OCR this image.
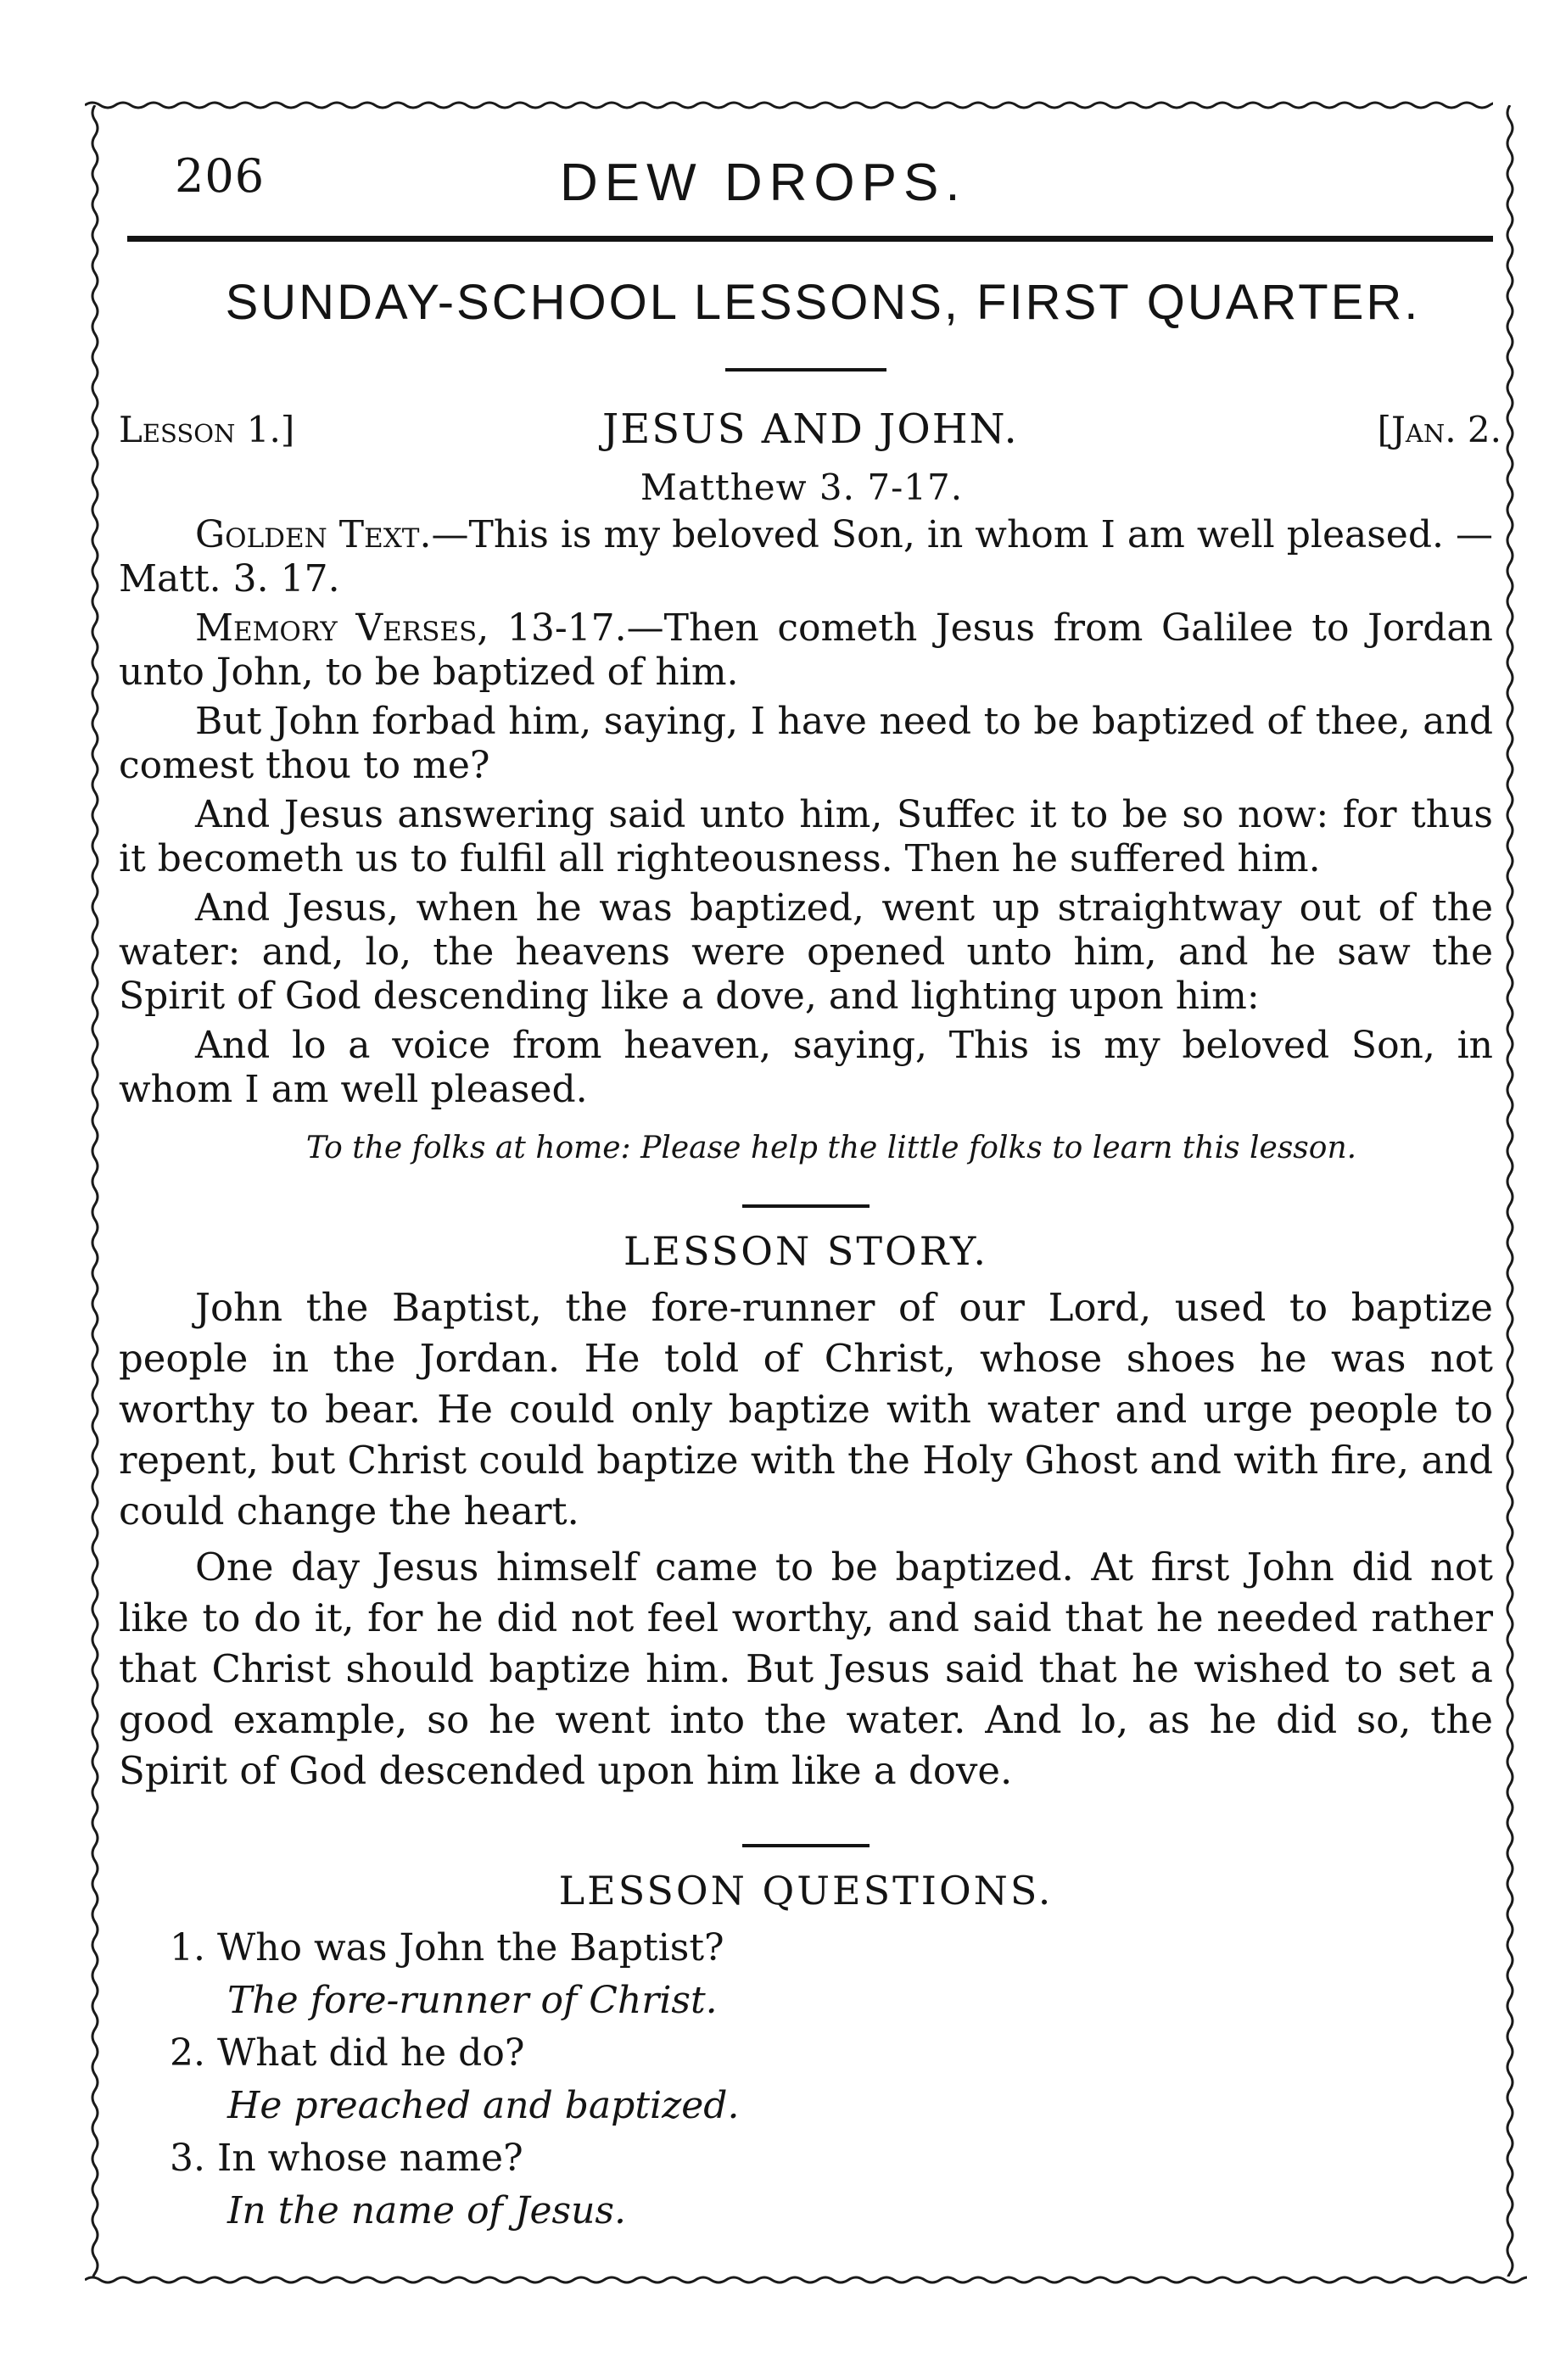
206	DEW DROPS.
SUNDAY-SCHOOL LESSONS, FIRST QUARTER.
Lesson 1.]	JESUS AND JOHN.	[Jan. 2.
Matthew 3. 7-17.
Golden Text.—This is my beloved Son, in whom I am well pleased. —Matt. 3. 17.
Memory Verses, 13-17.—Then cometh Jesus from Galilee to Jordan unto John, to be baptized of him.
But John forbad him, saying, I have need to be baptized of thee, and comest thou to me?
And Jesus answering said unto him, Suffec it to be so now: for thus it becometh us to fulfil all righteousness. Then he suffered him.
And Jesus, when he was baptized, went up straightway out of the water: and, lo, the heavens were opened unto him, and he saw the Spirit of God descending like a dove, and lighting upon him:
And lo a voice from heaven, saying, This is my beloved Son, in whom I am well pleased.
To the folks at home: Please help the little folks to learn this lesson.
LESSON STORY.
John the Baptist, the fore-runner of our Lord, used to baptize people in the Jordan. He told of Christ, whose shoes he was not worthy to bear. He could only baptize with water and urge people to repent, but Christ could baptize with the Holy Ghost and with fire, and could change the heart.
One day Jesus himself came to be baptized. At first John did not like to do it, for he did not feel worthy, and said that he needed rather that Christ should baptize him. But Jesus said that he wished to set a good example, so he went into the water. And lo, as he did so, the Spirit of God descended upon him like a dove.
LESSON QUESTIONS.
1. Who was John the Baptist?
The fore-runner of Christ.
2. What did he do?
He preached and baptized.
3. In whose name?
In the name of Jesus.
